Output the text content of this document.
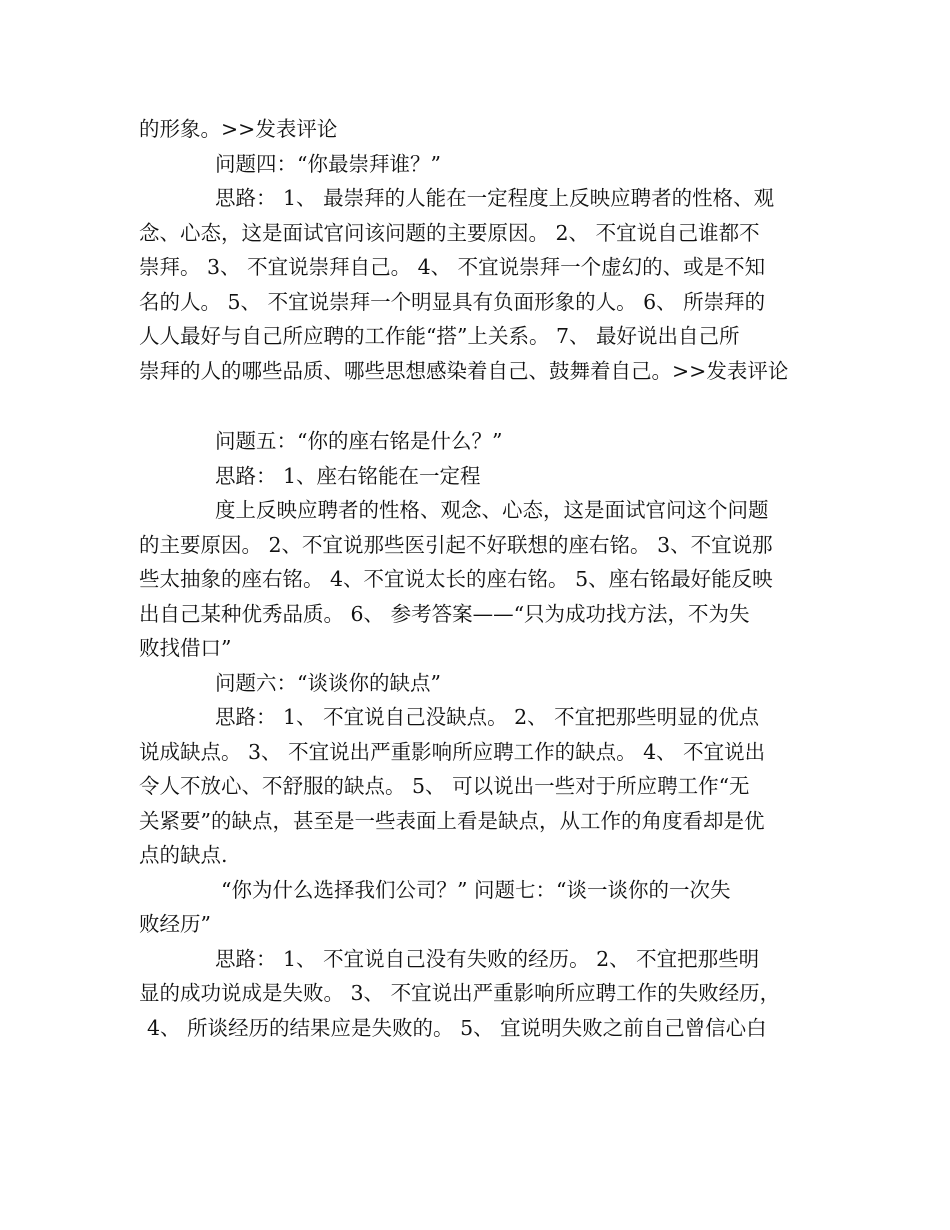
的形象。>>发表评论
问题四：“你最崇拜谁？”
思路： 1、 最崇拜的人能在一定程度上反映应聘者的性格、观
念、心态，这是面试官问该问题的主要原因。 2、 不宜说自己谁都不
崇拜。 3、 不宜说崇拜自己。 4、 不宜说崇拜一个虚幻的、或是不知
名的人。 5、 不宜说崇拜一个明显具有负面形象的人。 6、 所崇拜的
人人最好与自己所应聘的工作能“搭”上关系。 7、 最好说出自己所
崇拜的人的哪些品质、哪些思想感染着自己、鼓舞着自己。>>发表评论
问题五：“你的座右铭是什么？”
思路： 1、座右铭能在一定程
度上反映应聘者的性格、观念、心态，这是面试官问这个问题
的主要原因。 2、不宜说那些医引起不好联想的座右铭。 3、不宜说那
些太抽象的座右铭。 4、不宜说太长的座右铭。 5、座右铭最好能反映
出自己某种优秀品质。 6、 参考答案——“只为成功找方法，不为失
败找借口”
问题六：“谈谈你的缺点”
思路： 1、 不宜说自己没缺点。 2、 不宜把那些明显的优点
说成缺点。 3、 不宜说出严重影响所应聘工作的缺点。 4、 不宜说出
令人不放心、不舒服的缺点。 5、 可以说出一些对于所应聘工作“无
关紧要”的缺点，甚至是一些表面上看是缺点，从工作的角度看却是优
点的缺点.
“你为什么选择我们公司？” 问题七：“谈一谈你的一次失
败经历”
思路： 1、 不宜说自己没有失败的经历。 2、 不宜把那些明
显的成功说成是失败。 3、 不宜说出严重影响所应聘工作的失败经历，
4、 所谈经历的结果应是失败的。 5、 宜说明失败之前自己曾信心白
